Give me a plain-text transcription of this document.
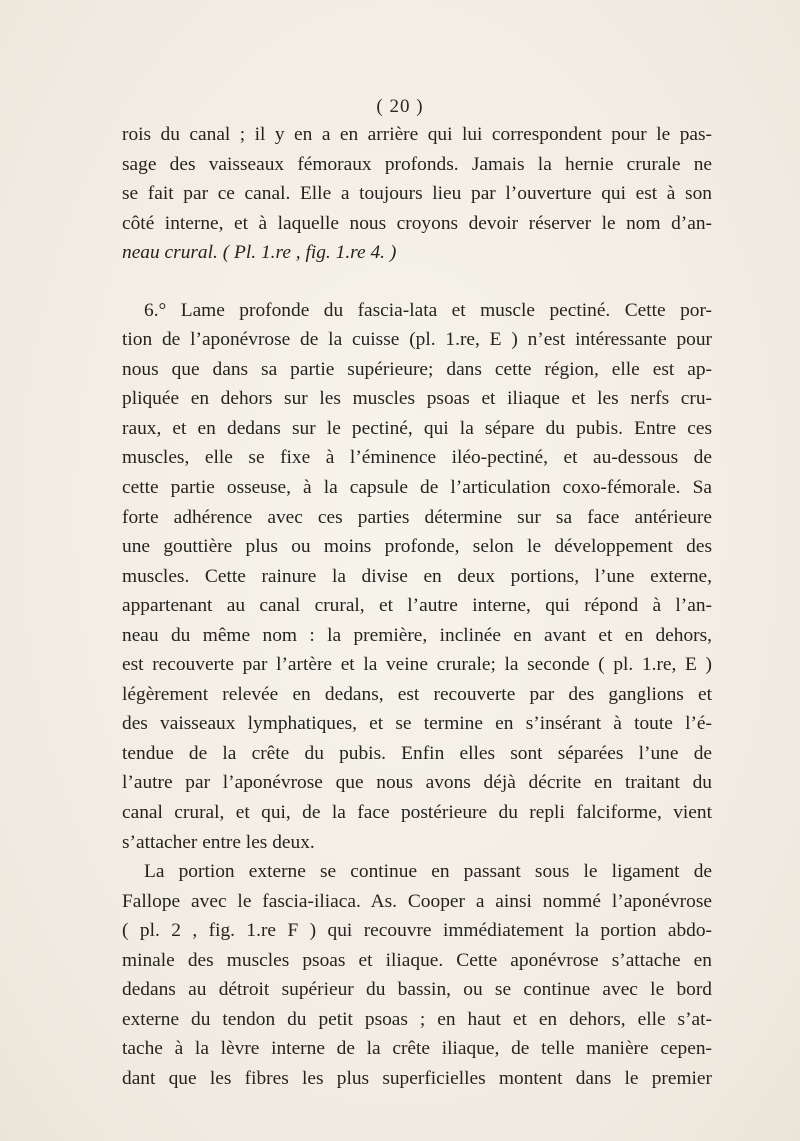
( 20 )
rois du canal ; il y en a en arrière qui lui correspondent pour le pas-
sage des vaisseaux fémoraux profonds. Jamais la hernie crurale ne
se fait par ce canal. Elle a toujours lieu par l’ouverture qui est à son
côté interne, et à laquelle nous croyons devoir réserver le nom d’an-
neau crural. ( Pl. 1.re , fig. 1.re 4. )
6.° Lame profonde du fascia-lata et muscle pectiné. Cette por-
tion de l’aponévrose de la cuisse (pl. 1.re, E ) n’est intéressante pour
nous que dans sa partie supérieure; dans cette région, elle est ap-
pliquée en dehors sur les muscles psoas et iliaque et les nerfs cru-
raux, et en dedans sur le pectiné, qui la sépare du pubis. Entre ces
muscles, elle se fixe à l’éminence iléo-pectiné, et au-dessous de
cette partie osseuse, à la capsule de l’articulation coxo-fémorale. Sa
forte adhérence avec ces parties détermine sur sa face antérieure
une gouttière plus ou moins profonde, selon le développement des
muscles. Cette rainure la divise en deux portions, l’une externe,
appartenant au canal crural, et l’autre interne, qui répond à l’an-
neau du même nom : la première, inclinée en avant et en dehors,
est recouverte par l’artère et la veine crurale; la seconde ( pl. 1.re, E )
légèrement relevée en dedans, est recouverte par des ganglions et
des vaisseaux lymphatiques, et se termine en s’insérant à toute l’é-
tendue de la crête du pubis. Enfin elles sont séparées l’une de
l’autre par l’aponévrose que nous avons déjà décrite en traitant du
canal crural, et qui, de la face postérieure du repli falciforme, vient
s’attacher entre les deux.
La portion externe se continue en passant sous le ligament de
Fallope avec le fascia-iliaca. As. Cooper a ainsi nommé l’aponévrose
( pl. 2 , fig. 1.re F ) qui recouvre immédiatement la portion abdo-
minale des muscles psoas et iliaque. Cette aponévrose s’attache en
dedans au détroit supérieur du bassin, ou se continue avec le bord
externe du tendon du petit psoas ; en haut et en dehors, elle s’at-
tache à la lèvre interne de la crête iliaque, de telle manière cepen-
dant que les fibres les plus superficielles montent dans le premier
